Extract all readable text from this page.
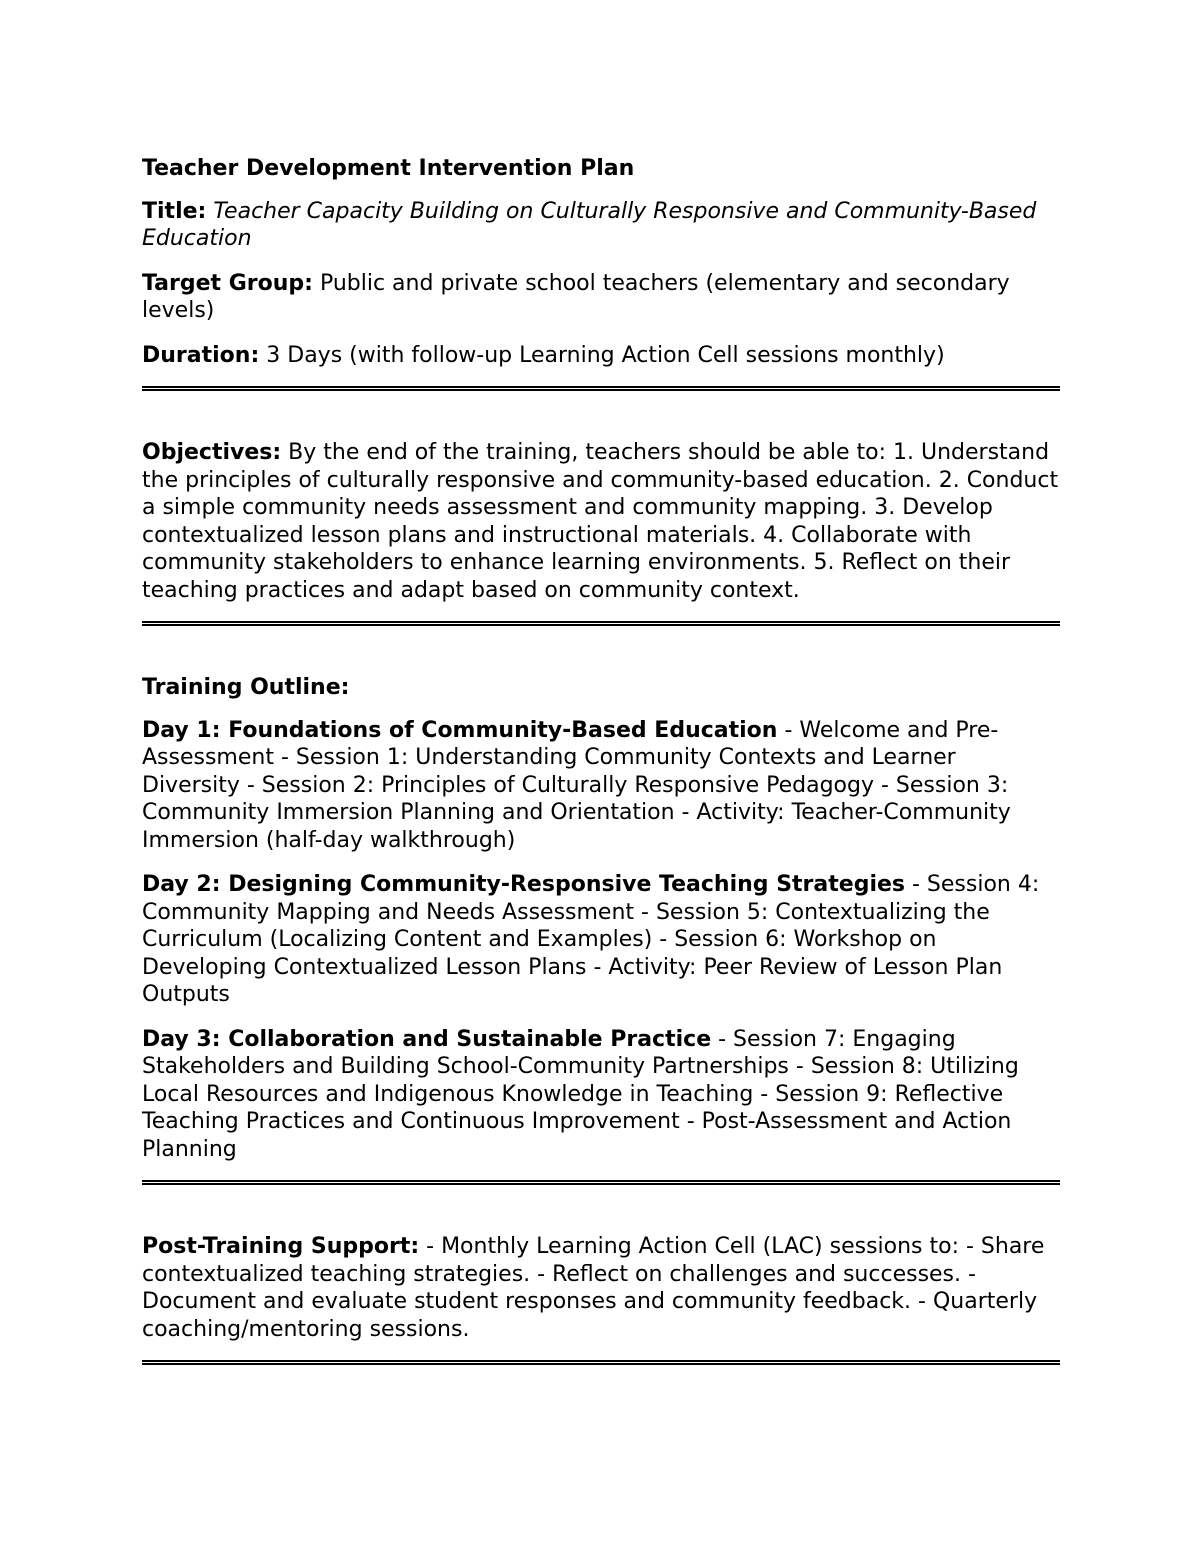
Teacher Development Intervention Plan

Title: Teacher Capacity Building on Culturally Responsive and Community-Based Education

Target Group: Public and private school teachers (elementary and secondary levels)

Duration: 3 Days (with follow-up Learning Action Cell sessions monthly)

Objectives: By the end of the training, teachers should be able to: 1. Understand the principles of culturally responsive and community-based education. 2. Conduct a simple community needs assessment and community mapping. 3. Develop contextualized lesson plans and instructional materials. 4. Collaborate with community stakeholders to enhance learning environments. 5. Reflect on their teaching practices and adapt based on community context.

Training Outline:

Day 1: Foundations of Community-Based Education - Welcome and Pre-Assessment - Session 1: Understanding Community Contexts and Learner Diversity - Session 2: Principles of Culturally Responsive Pedagogy - Session 3: Community Immersion Planning and Orientation - Activity: Teacher-Community Immersion (half-day walkthrough)

Day 2: Designing Community-Responsive Teaching Strategies - Session 4: Community Mapping and Needs Assessment - Session 5: Contextualizing the Curriculum (Localizing Content and Examples) - Session 6: Workshop on Developing Contextualized Lesson Plans - Activity: Peer Review of Lesson Plan Outputs

Day 3: Collaboration and Sustainable Practice - Session 7: Engaging Stakeholders and Building School-Community Partnerships - Session 8: Utilizing Local Resources and Indigenous Knowledge in Teaching - Session 9: Reflective Teaching Practices and Continuous Improvement - Post-Assessment and Action Planning

Post-Training Support: - Monthly Learning Action Cell (LAC) sessions to: - Share contextualized teaching strategies. - Reflect on challenges and successes. - Document and evaluate student responses and community feedback. - Quarterly coaching/mentoring sessions.
